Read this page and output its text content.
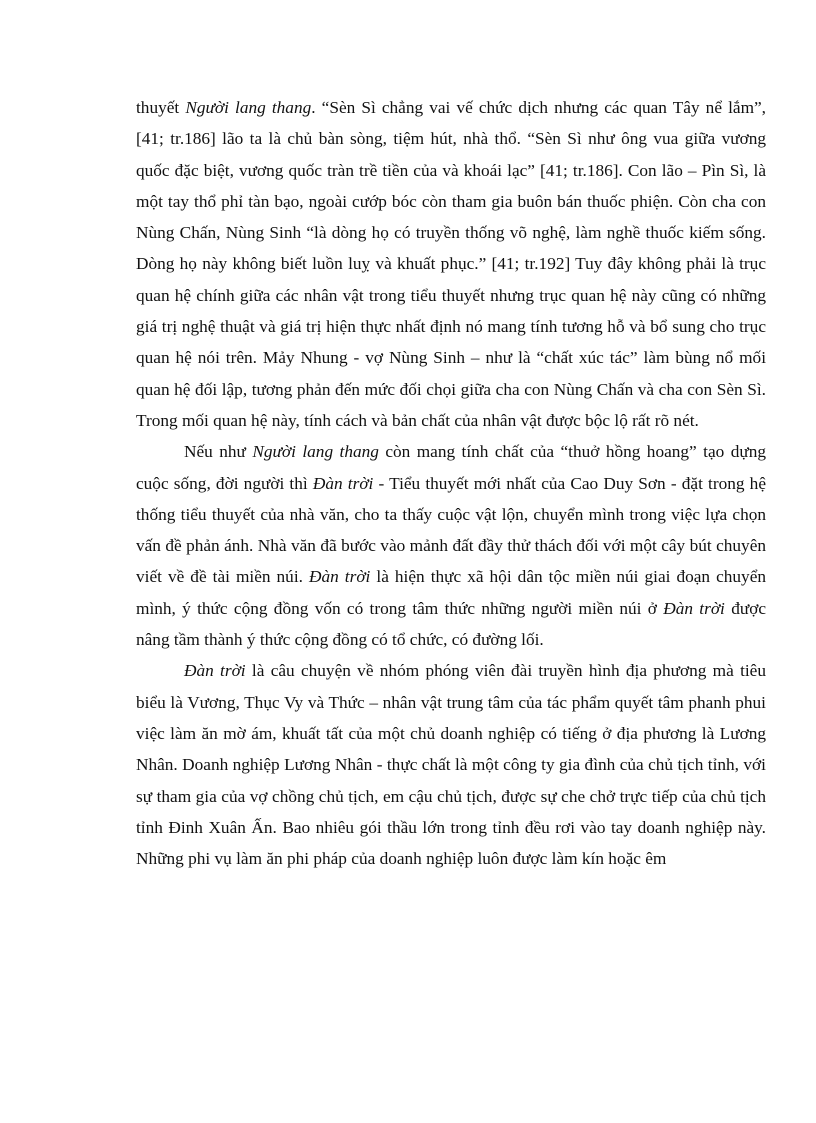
thuyết Người lang thang. “Sèn Sì chẳng vai vế chức dịch nhưng các quan Tây nể lắm”, [41; tr.186] lão ta là chủ bàn sòng, tiệm hút, nhà thổ. “Sèn Sì như ông vua giữa vương quốc đặc biệt, vương quốc tràn trề tiền của và khoái lạc” [41; tr.186]. Con lão – Pìn Sì, là một tay thổ phỉ tàn bạo, ngoài cướp bóc còn tham gia buôn bán thuốc phiện. Còn cha con Nùng Chấn, Nùng Sinh “là dòng họ có truyền thống võ nghệ, làm nghề thuốc kiếm sống. Dòng họ này không biết luồn luỵ và khuất phục.” [41; tr.192] Tuy đây không phải là trục quan hệ chính giữa các nhân vật trong tiểu thuyết nhưng trục quan hệ này cũng có những giá trị nghệ thuật và giá trị hiện thực nhất định nó mang tính tương hỗ và bổ sung cho trục quan hệ nói trên. Mảy Nhung - vợ Nùng Sinh – như là “chất xúc tác” làm bùng nổ mối quan hệ đối lập, tương phản đến mức đối chọi giữa cha con Nùng Chấn và cha con Sèn Sì. Trong mối quan hệ này, tính cách và bản chất của nhân vật được bộc lộ rất rõ nét.

Nếu như Người lang thang còn mang tính chất của “thuở hồng hoang” tạo dựng cuộc sống, đời người thì Đàn trời - Tiểu thuyết mới nhất của Cao Duy Sơn - đặt trong hệ thống tiểu thuyết của nhà văn, cho ta thấy cuộc vật lộn, chuyển mình trong việc lựa chọn vấn đề phản ánh. Nhà văn đã bước vào mảnh đất đầy thử thách đối với một cây bút chuyên viết về đề tài miền núi. Đàn trời là hiện thực xã hội dân tộc miền núi giai đoạn chuyển mình, ý thức cộng đồng vốn có trong tâm thức những người miền núi ở Đàn trời được nâng tầm thành ý thức cộng đồng có tổ chức, có đường lối.

Đàn trời là câu chuyện về nhóm phóng viên đài truyền hình địa phương mà tiêu biểu là Vương, Thục Vy và Thức – nhân vật trung tâm của tác phẩm quyết tâm phanh phui việc làm ăn mờ ám, khuất tất của một chủ doanh nghiệp có tiếng ở địa phương là Lương Nhân. Doanh nghiệp Lương Nhân - thực chất là một công ty gia đình của chủ tịch tỉnh, với sự tham gia của vợ chồng chủ tịch, em cậu chủ tịch, được sự che chở trực tiếp của chủ tịch tỉnh Đinh Xuân Ấn. Bao nhiêu gói thầu lớn trong tỉnh đều rơi vào tay doanh nghiệp này. Những phi vụ làm ăn phi pháp của doanh nghiệp luôn được làm kín hoặc êm
